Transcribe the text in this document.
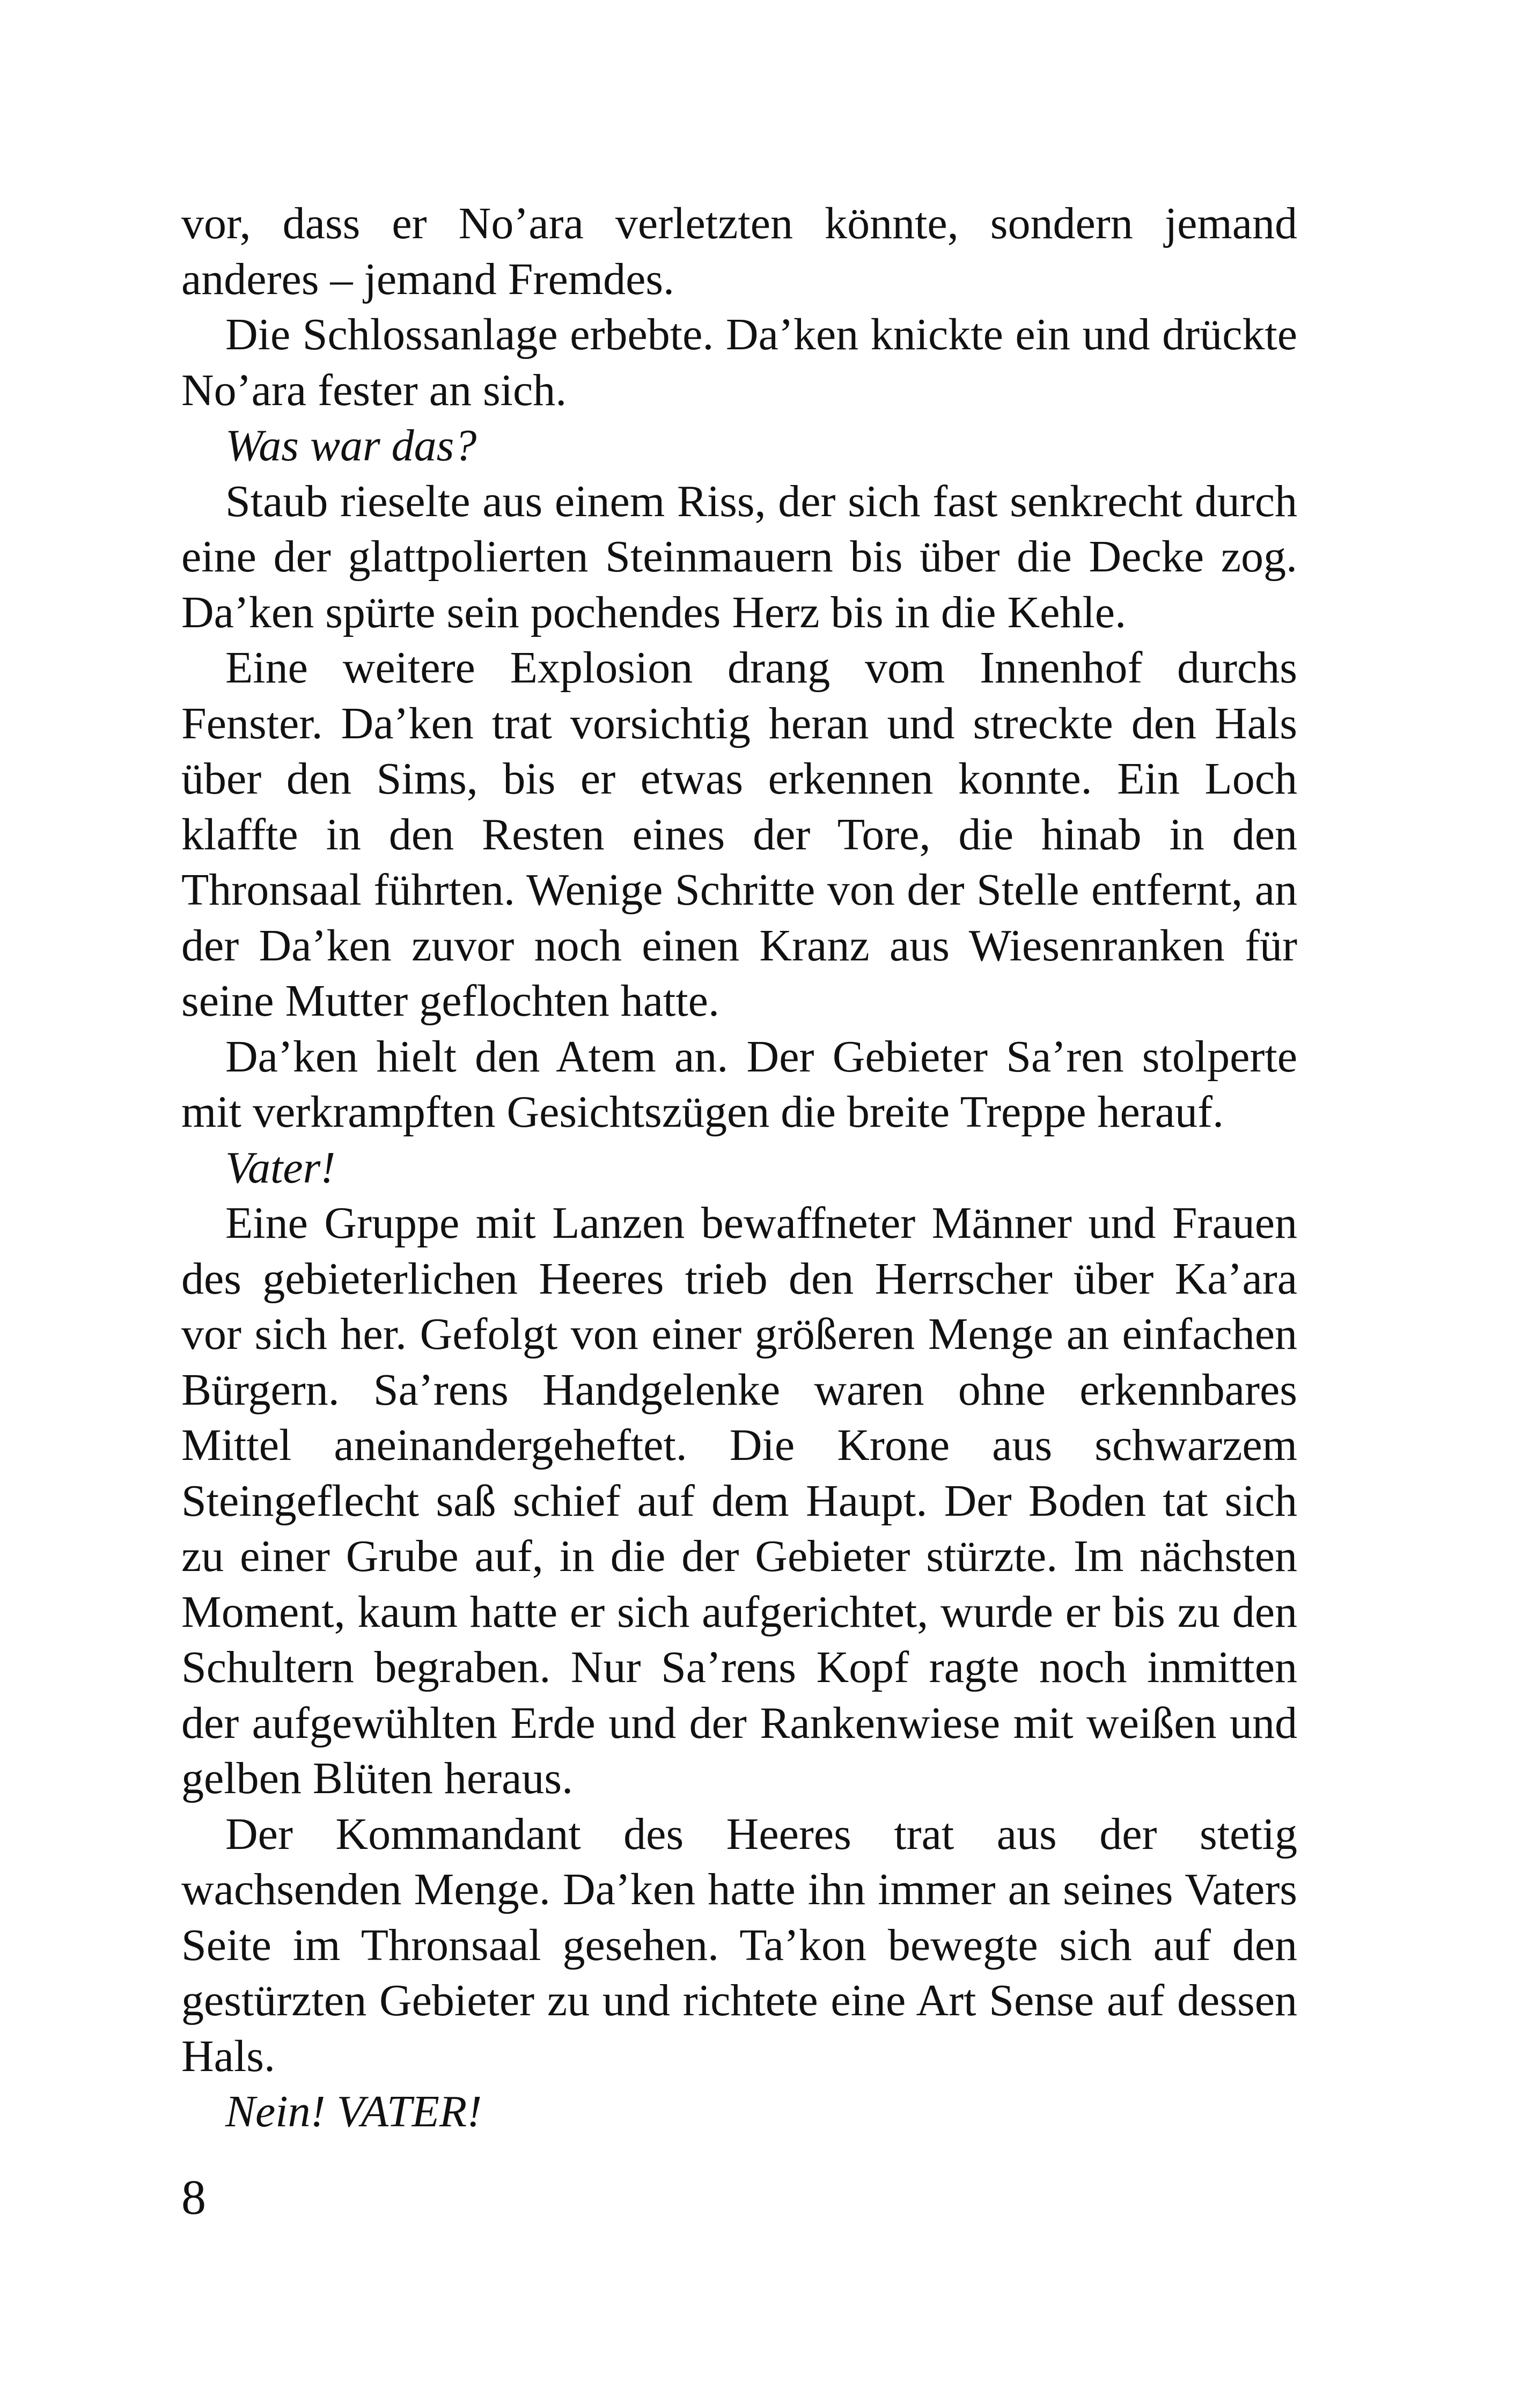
vor, dass er No’ara verletzten könnte, sondern jemand anderes – jemand Fremdes.

Die Schlossanlage erbebte. Da’ken knickte ein und drückte No’ara fester an sich.

Was war das?

Staub rieselte aus einem Riss, der sich fast senkrecht durch eine der glattpolierten Steinmauern bis über die Decke zog. Da’ken spürte sein pochendes Herz bis in die Kehle.

Eine weitere Explosion drang vom Innenhof durchs Fenster. Da’ken trat vorsichtig heran und streckte den Hals über den Sims, bis er etwas erkennen konnte. Ein Loch klaffte in den Resten eines der Tore, die hinab in den Thronsaal führten. Wenige Schritte von der Stelle entfernt, an der Da’ken zuvor noch einen Kranz aus Wiesenranken für seine Mutter geflochten hatte.

Da’ken hielt den Atem an. Der Gebieter Sa’ren stolperte mit verkrampften Gesichtszügen die breite Treppe herauf.

Vater!

Eine Gruppe mit Lanzen bewaffneter Männer und Frauen des gebieterlichen Heeres trieb den Herrscher über Ka’ara vor sich her. Gefolgt von einer größeren Menge an einfachen Bürgern. Sa’rens Handgelenke waren ohne erkennbares Mittel aneinandergeheftet. Die Krone aus schwarzem Steingeflecht saß schief auf dem Haupt. Der Boden tat sich zu einer Grube auf, in die der Gebieter stürzte. Im nächsten Moment, kaum hatte er sich aufgerichtet, wurde er bis zu den Schultern begraben. Nur Sa’rens Kopf ragte noch inmitten der aufgewühlten Erde und der Rankenwiese mit weißen und gelben Blüten heraus.

Der Kommandant des Heeres trat aus der stetig wachsenden Menge. Da’ken hatte ihn immer an seines Vaters Seite im Thronsaal gesehen. Ta’kon bewegte sich auf den gestürzten Gebieter zu und richtete eine Art Sense auf dessen Hals.

Nein! VATER!

8
